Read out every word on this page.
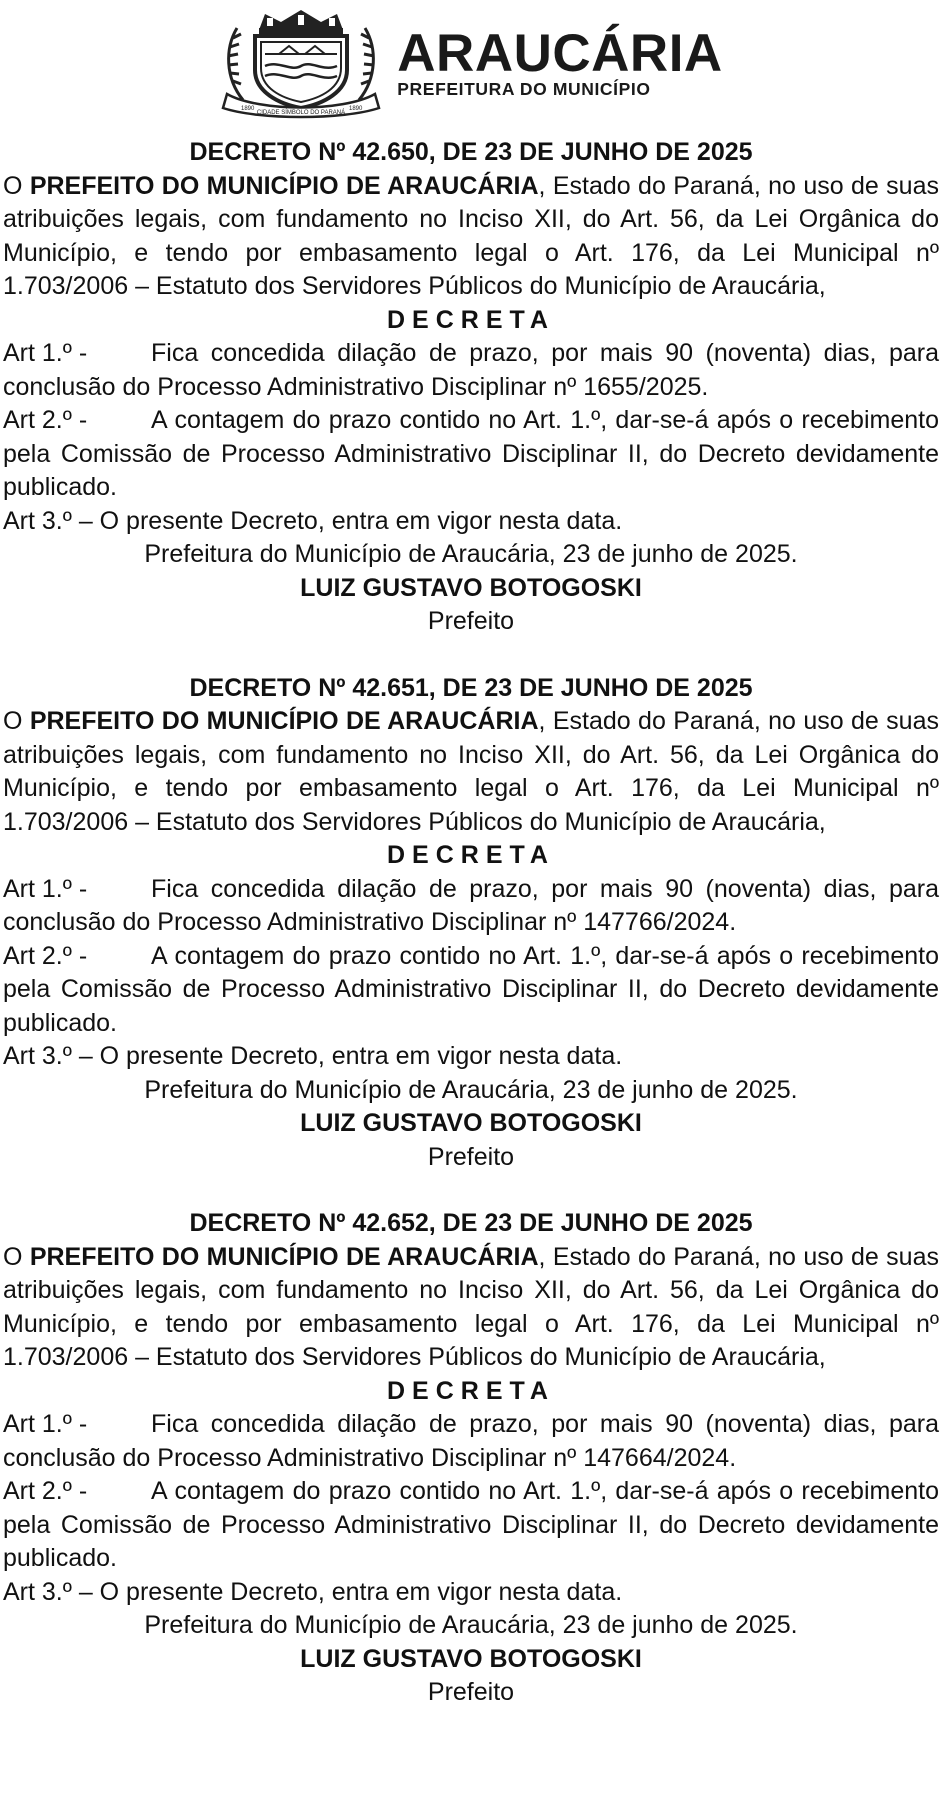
1890
CIDADE SÍMBOLO DO PARANÁ
1890
ARAUCÁRIA
PREFEITURA DO MUNICÍPIO

DECRETO Nº 42.650, DE 23 DE JUNHO DE 2025

O PREFEITO DO MUNICÍPIO DE ARAUCÁRIA, Estado do Paraná, no uso de suas atribuições legais, com fundamento no Inciso XII, do Art. 56, da Lei Orgânica do Município, e tendo por embasamento legal o Art. 176, da Lei Municipal nº 1.703/2006 – Estatuto dos Servidores Públicos do Município de Araucária,

DECRETA

Art 1.º -	Fica concedida dilação de prazo, por mais 90 (noventa) dias, para conclusão do Processo Administrativo Disciplinar nº 1655/2025.

Art 2.º -	A contagem do prazo contido no Art. 1.º, dar-se-á após o recebimento pela Comissão de Processo Administrativo Disciplinar II, do Decreto devidamente publicado.

Art 3.º – O presente Decreto, entra em vigor nesta data.

Prefeitura do Município de Araucária, 23 de junho de 2025.

LUIZ GUSTAVO BOTOGOSKI

Prefeito

DECRETO Nº 42.651, DE 23 DE JUNHO DE 2025

O PREFEITO DO MUNICÍPIO DE ARAUCÁRIA, Estado do Paraná, no uso de suas atribuições legais, com fundamento no Inciso XII, do Art. 56, da Lei Orgânica do Município, e tendo por embasamento legal o Art. 176, da Lei Municipal nº 1.703/2006 – Estatuto dos Servidores Públicos do Município de Araucária,

DECRETA

Art 1.º -	Fica concedida dilação de prazo, por mais 90 (noventa) dias, para conclusão do Processo Administrativo Disciplinar nº 147766/2024.

Art 2.º -	A contagem do prazo contido no Art. 1.º, dar-se-á após o recebimento pela Comissão de Processo Administrativo Disciplinar II, do Decreto devidamente publicado.

Art 3.º – O presente Decreto, entra em vigor nesta data.

Prefeitura do Município de Araucária, 23 de junho de 2025.

LUIZ GUSTAVO BOTOGOSKI

Prefeito

DECRETO Nº 42.652, DE 23 DE JUNHO DE 2025

O PREFEITO DO MUNICÍPIO DE ARAUCÁRIA, Estado do Paraná, no uso de suas atribuições legais, com fundamento no Inciso XII, do Art. 56, da Lei Orgânica do Município, e tendo por embasamento legal o Art. 176, da Lei Municipal nº 1.703/2006 – Estatuto dos Servidores Públicos do Município de Araucária,

DECRETA

Art 1.º -	Fica concedida dilação de prazo, por mais 90 (noventa) dias, para conclusão do Processo Administrativo Disciplinar nº 147664/2024.

Art 2.º -	A contagem do prazo contido no Art. 1.º, dar-se-á após o recebimento pela Comissão de Processo Administrativo Disciplinar II, do Decreto devidamente publicado.

Art 3.º – O presente Decreto, entra em vigor nesta data.

Prefeitura do Município de Araucária, 23 de junho de 2025.

LUIZ GUSTAVO BOTOGOSKI

Prefeito
